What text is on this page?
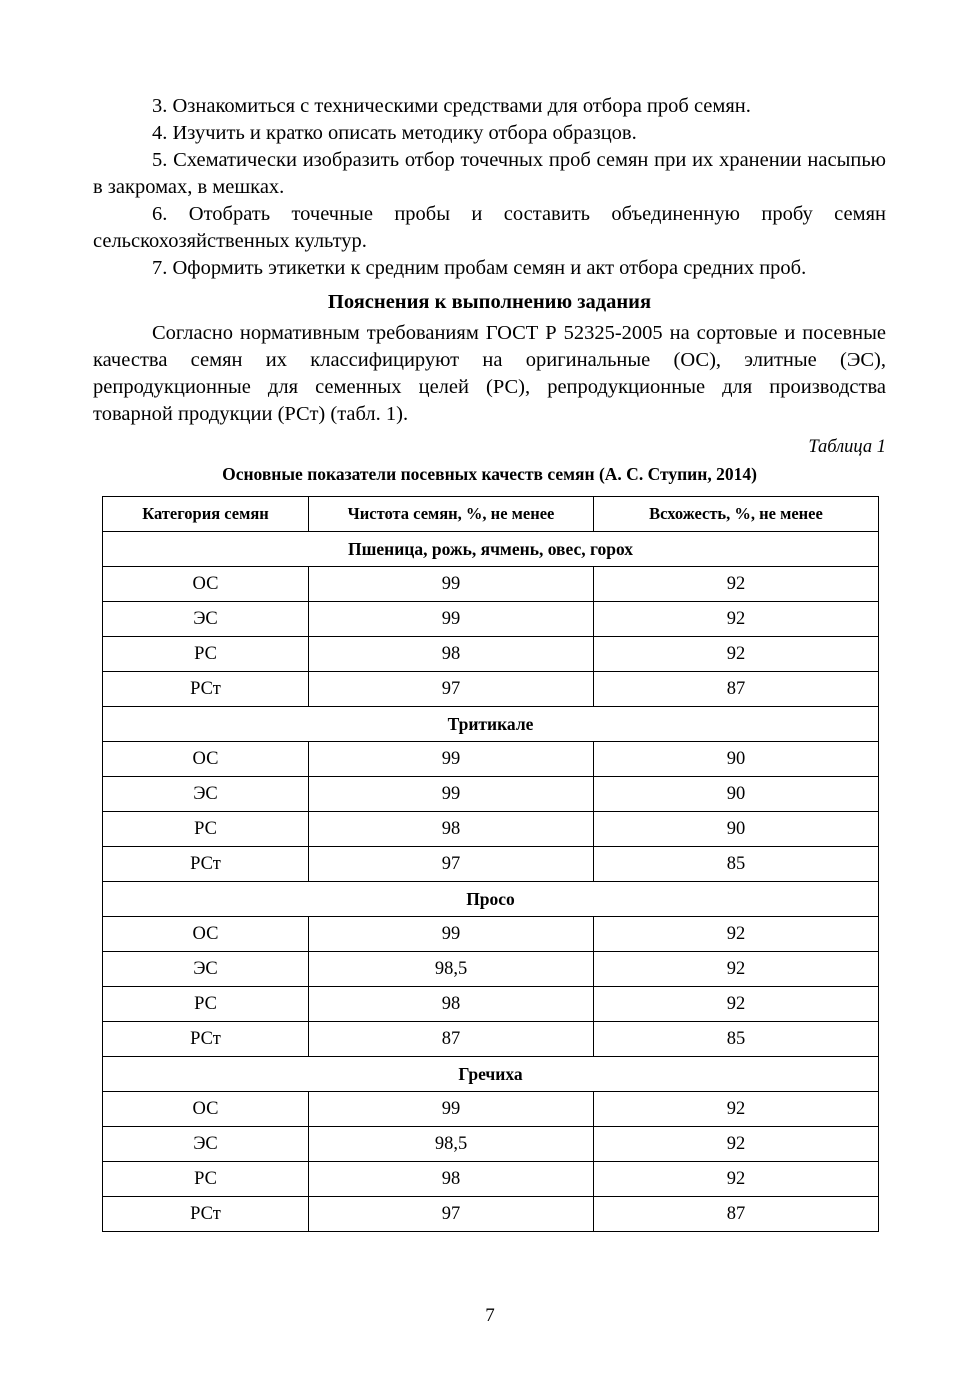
3. Ознакомиться с техническими средствами для отбора проб семян.

4. Изучить и кратко описать методику отбора образцов.

5. Схематически изобразить отбор точечных проб семян при их хранении насыпью в закромах, в мешках.

6. Отобрать точечные пробы и составить объединенную пробу семян сельскохозяйственных культур.

7. Оформить этикетки к средним пробам семян и акт отбора средних проб.

Пояснения к выполнению задания

Согласно нормативным требованиям ГОСТ Р 52325-2005 на сортовые и посевные качества семян их классифицируют на оригинальные (ОС), элитные (ЭС), репродукционные для семенных целей (РС), репродукционные для производства товарной продукции (РСт) (табл. 1).

Таблица 1
Основные показатели посевных качеств семян (А. С. Ступин, 2014)
Категория семян	Чистота семян, %, не менее	Всхожесть, %, не менее
Пшеница, рожь, ячмень, овес, горох		
ОС	99	92
ЭС	99	92
РС	98	92
РСт	97	87
Тритикале		
ОС	99	90
ЭС	99	90
РС	98	90
РСт	97	85
Просо		
ОС	99	92
ЭС	98,5	92
РС	98	92
РСт	87	85
Гречиха		
ОС	99	92
ЭС	98,5	92
РС	98	92
РСт	97	87
7
